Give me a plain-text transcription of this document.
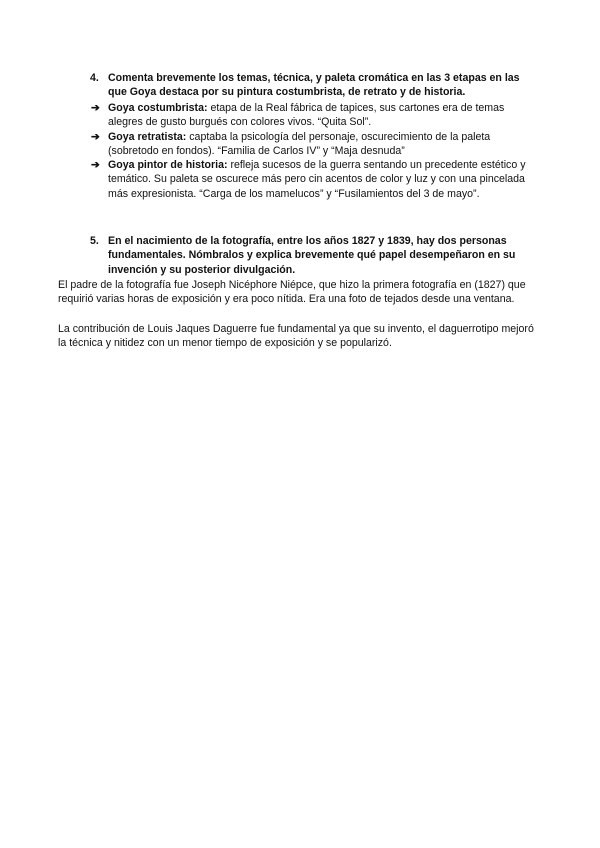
4. Comenta brevemente los temas, técnica, y paleta cromática en las 3 etapas en las que Goya destaca por su pintura costumbrista, de retrato y de historia.

➔ Goya costumbrista: etapa de la Real fábrica de tapices, sus cartones era de temas alegres de gusto burgués con colores vivos. “Quita Sol”.

➔ Goya retratista: captaba la psicología del personaje, oscurecimiento de la paleta (sobretodo en fondos). “Familia de Carlos IV” y “Maja desnuda”

➔ Goya pintor de historia: refleja sucesos de la guerra sentando un precedente estético y temático. Su paleta se oscurece más pero cin acentos de color y luz y con una pincelada más expresionista. “Carga de los mamelucos” y “Fusilamientos del 3 de mayo”.

5. En el nacimiento de la fotografía, entre los años 1827 y 1839, hay dos personas fundamentales. Nómbralos y explica brevemente qué papel desempeñaron en su invención y su posterior divulgación.

El padre de la fotografía fue Joseph Nicéphore Niépce, que hizo la primera fotografía en (1827) que requirió varias horas de exposición y era poco nítida. Era una foto de tejados desde una ventana.

La contribución de Louis Jaques Daguerre fue fundamental ya que su invento, el daguerrotipo mejoró la técnica y nitidez con un menor tiempo de exposición y se popularizó.
